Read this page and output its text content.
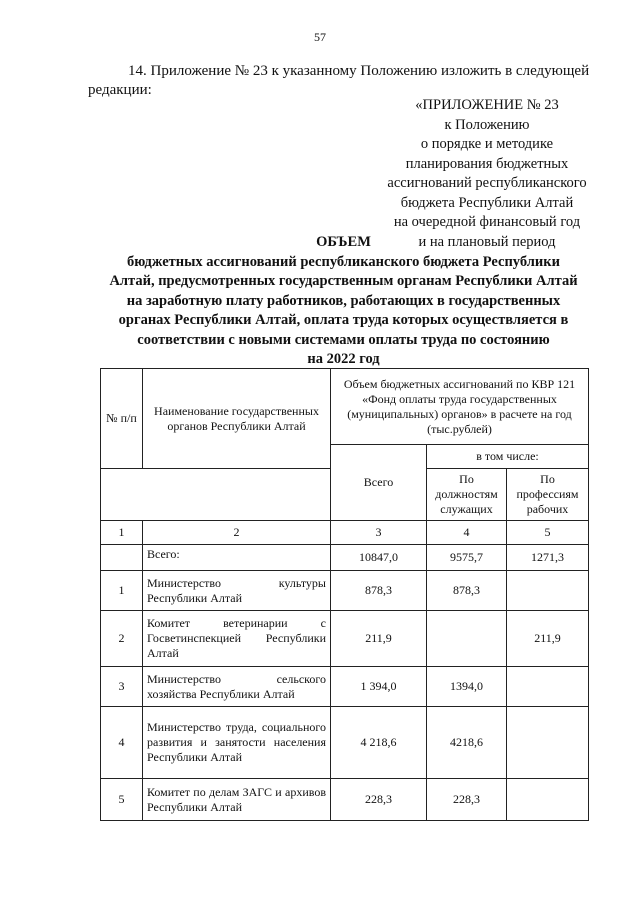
57
14. Приложение № 23 к указанному Положению изложить в следующей
редакции:
«ПРИЛОЖЕНИЕ № 23
к Положению
о порядке и методике
планирования бюджетных
ассигнований республиканского
бюджета Республики Алтай
на очередной финансовый год
и на плановый период
ОБЪЕМ
бюджетных ассигнований республиканского бюджета Республики
Алтай, предусмотренных государственным органам Республики Алтай
на заработную плату работников, работающих в государственных
органах Республики Алтай, оплата труда которых осуществляется в
соответствии с новыми системами оплаты труда по состоянию
на 2022 год
№ п/п	Наименование государственных органов Республики Алтай	Объем бюджетных ассигнований по КВР 121 «Фонд оплаты труда государственных (муниципальных) органов» в расчете на год (тыс.рублей)		
		Всего	в том числе:	
			По должностям служащих	По профессиям рабочих
1	2	3	4	5
	Всего:	10847,0	9575,7	1271,3
1	Министерство культуры Республики Алтай	878,3	878,3	
2	Комитет ветеринарии с Госветинспекцией Республики Алтай	211,9		211,9
3	Министерство сельского хозяйства Республики Алтай	1 394,0	1394,0	
4	Министерство труда, социального развития и занятости населения Республики Алтай	4 218,6	4218,6	
5	Комитет по делам ЗАГС и архивов Республики Алтай	228,3	228,3	
